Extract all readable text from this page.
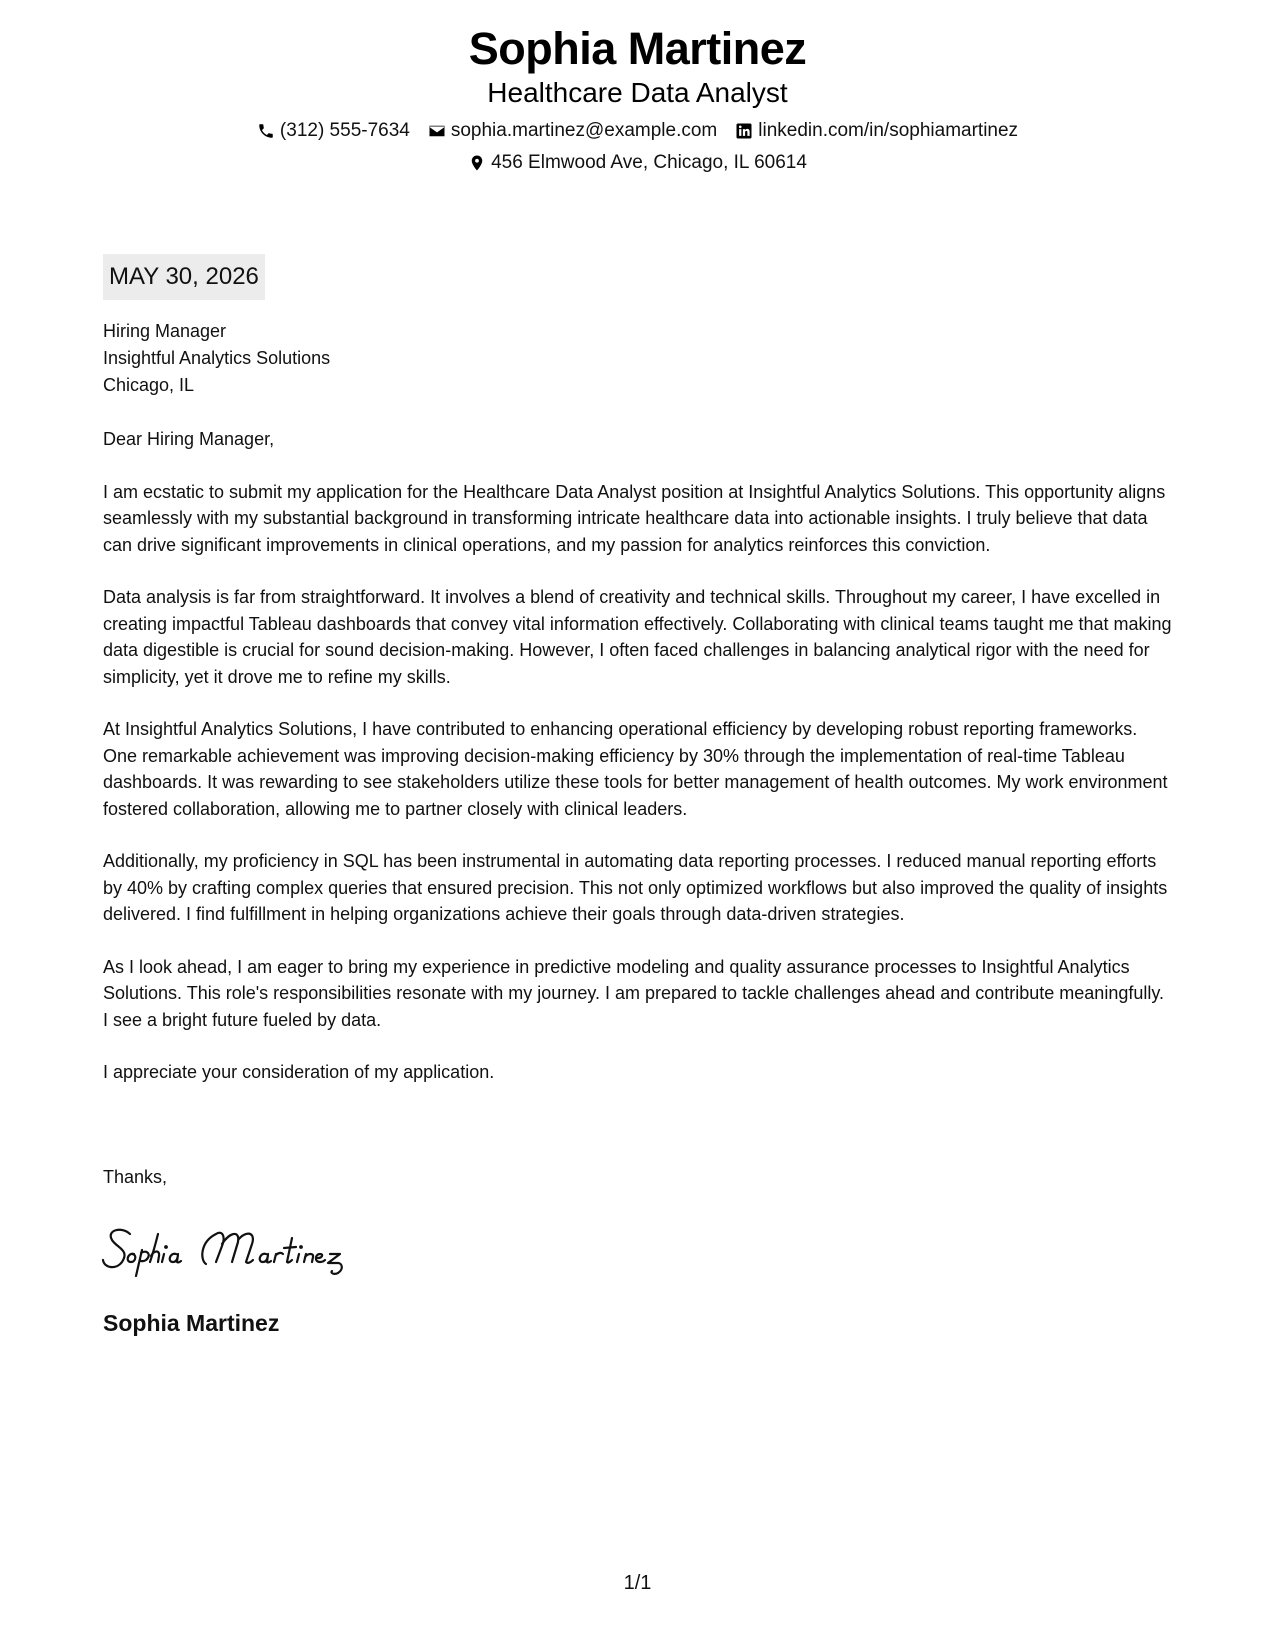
Sophia Martinez
Healthcare Data Analyst
(312) 555-7634 sophia.martinez@example.com linkedin.com/in/sophiamartinez
456 Elmwood Ave, Chicago, IL 60614
MAY 30, 2026
Hiring Manager
Insightful Analytics Solutions
Chicago, IL

Dear Hiring Manager,

I am ecstatic to submit my application for the Healthcare Data Analyst position at Insightful Analytics Solutions. This opportunity aligns seamlessly with my substantial background in transforming intricate healthcare data into actionable insights. I truly believe that data can drive significant improvements in clinical operations, and my passion for analytics reinforces this conviction.

Data analysis is far from straightforward. It involves a blend of creativity and technical skills. Throughout my career, I have excelled in creating impactful Tableau dashboards that convey vital information effectively. Collaborating with clinical teams taught me that making data digestible is crucial for sound decision-making. However, I often faced challenges in balancing analytical rigor with the need for simplicity, yet it drove me to refine my skills.

At Insightful Analytics Solutions, I have contributed to enhancing operational efficiency by developing robust reporting frameworks. One remarkable achievement was improving decision-making efficiency by 30% through the implementation of real-time Tableau dashboards. It was rewarding to see stakeholders utilize these tools for better management of health outcomes. My work environment fostered collaboration, allowing me to partner closely with clinical leaders.

Additionally, my proficiency in SQL has been instrumental in automating data reporting processes. I reduced manual reporting efforts by 40% by crafting complex queries that ensured precision. This not only optimized workflows but also improved the quality of insights delivered. I find fulfillment in helping organizations achieve their goals through data-driven strategies.

As I look ahead, I am eager to bring my experience in predictive modeling and quality assurance processes to Insightful Analytics Solutions. This role's responsibilities resonate with my journey. I am prepared to tackle challenges ahead and contribute meaningfully. I see a bright future fueled by data.

I appreciate your consideration of my application.

Thanks,
Sophia Martinez
1/1
